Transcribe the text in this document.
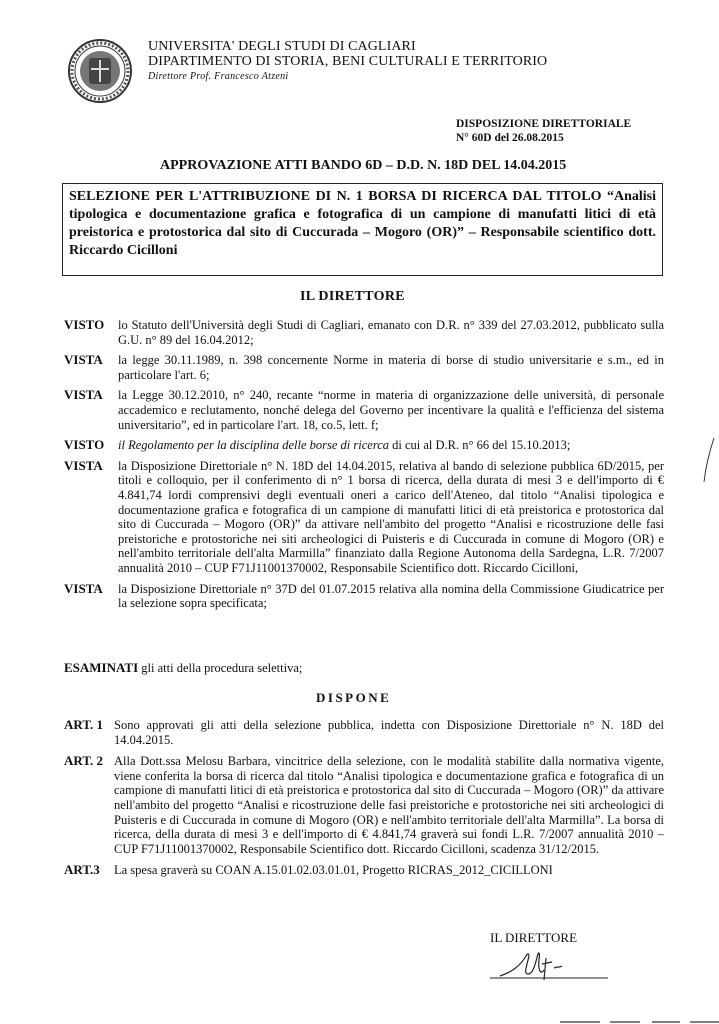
UNIVERSITA' DEGLI STUDI DI CAGLIARI
DIPARTIMENTO DI STORIA, BENI CULTURALI E TERRITORIO
Direttore Prof. Francesco Atzeni
DISPOSIZIONE DIRETTORIALE
N° 60D del 26.08.2015
APPROVAZIONE ATTI BANDO 6D – D.D. N. 18D DEL 14.04.2015
SELEZIONE PER L'ATTRIBUZIONE DI N. 1 BORSA DI RICERCA DAL TITOLO “Analisi tipologica e documentazione grafica e fotografica di un campione di manufatti litici di età preistorica e protostorica dal sito di Cuccurada – Mogoro (OR)” – Responsabile scientifico dott. Riccardo Cicilloni
IL DIRETTORE
VISTO	lo Statuto dell'Università degli Studi di Cagliari, emanato con D.R. n° 339 del 27.03.2012, pubblicato sulla G.U. n° 89 del 16.04.2012;
VISTA	la legge 30.11.1989, n. 398 concernente Norme in materia di borse di studio universitarie e s.m., ed in particolare l'art. 6;
VISTA	la Legge 30.12.2010, n° 240, recante “norme in materia di organizzazione delle università, di personale accademico e reclutamento, nonché delega del Governo per incentivare la qualità e l'efficienza del sistema universitario”, ed in particolare l'art. 18, co.5, lett. f;
VISTO	il Regolamento per la disciplina delle borse di ricerca di cui al D.R. n° 66 del 15.10.2013;
VISTA	la Disposizione Direttoriale n° N. 18D del 14.04.2015, relativa al bando di selezione pubblica 6D/2015, per titoli e colloquio, per il conferimento di n° 1 borsa di ricerca, della durata di mesi 3 e dell'importo di € 4.841,74 lordi comprensivi degli eventuali oneri a carico dell'Ateneo, dal titolo “Analisi tipologica e documentazione grafica e fotografica di un campione di manufatti litici di età preistorica e protostorica dal sito di Cuccurada – Mogoro (OR)” da attivare nell'ambito del progetto “Analisi e ricostruzione delle fasi preistoriche e protostoriche nei siti archeologici di Puisteris e di Cuccurada in comune di Mogoro (OR) e nell'ambito territoriale dell'alta Marmilla” finanziato dalla Regione Autonoma della Sardegna, L.R. 7/2007 annualità 2010 – CUP F71J11001370002, Responsabile Scientifico dott. Riccardo Cicilloni,
VISTA	la Disposizione Direttoriale n° 37D del 01.07.2015 relativa alla nomina della Commissione Giudicatrice per la selezione sopra specificata;
ESAMINATI gli atti della procedura selettiva;
DISPONE
ART. 1 Sono approvati gli atti della selezione pubblica, indetta con Disposizione Direttoriale n° N. 18D del 14.04.2015.
ART. 2 Alla Dott.ssa Melosu Barbara, vincitrice della selezione, con le modalità stabilite dalla normativa vigente, viene conferita la borsa di ricerca dal titolo “Analisi tipologica e documentazione grafica e fotografica di un campione di manufatti litici di età preistorica e protostorica dal sito di Cuccurada – Mogoro (OR)” da attivare nell'ambito del progetto “Analisi e ricostruzione delle fasi preistoriche e protostoriche nei siti archeologici di Puisteris e di Cuccurada in comune di Mogoro (OR) e nell'ambito territoriale dell'alta Marmilla”. La borsa di ricerca, della durata di mesi 3 e dell'importo di € 4.841,74 graverà sui fondi L.R. 7/2007 annualità 2010 – CUP F71J11001370002, Responsabile Scientifico dott. Riccardo Cicilloni, scadenza 31/12/2015.
ART.3	La spesa graverà su COAN A.15.01.02.03.01.01, Progetto RICRAS_2012_CICILLONI
IL DIRETTORE
